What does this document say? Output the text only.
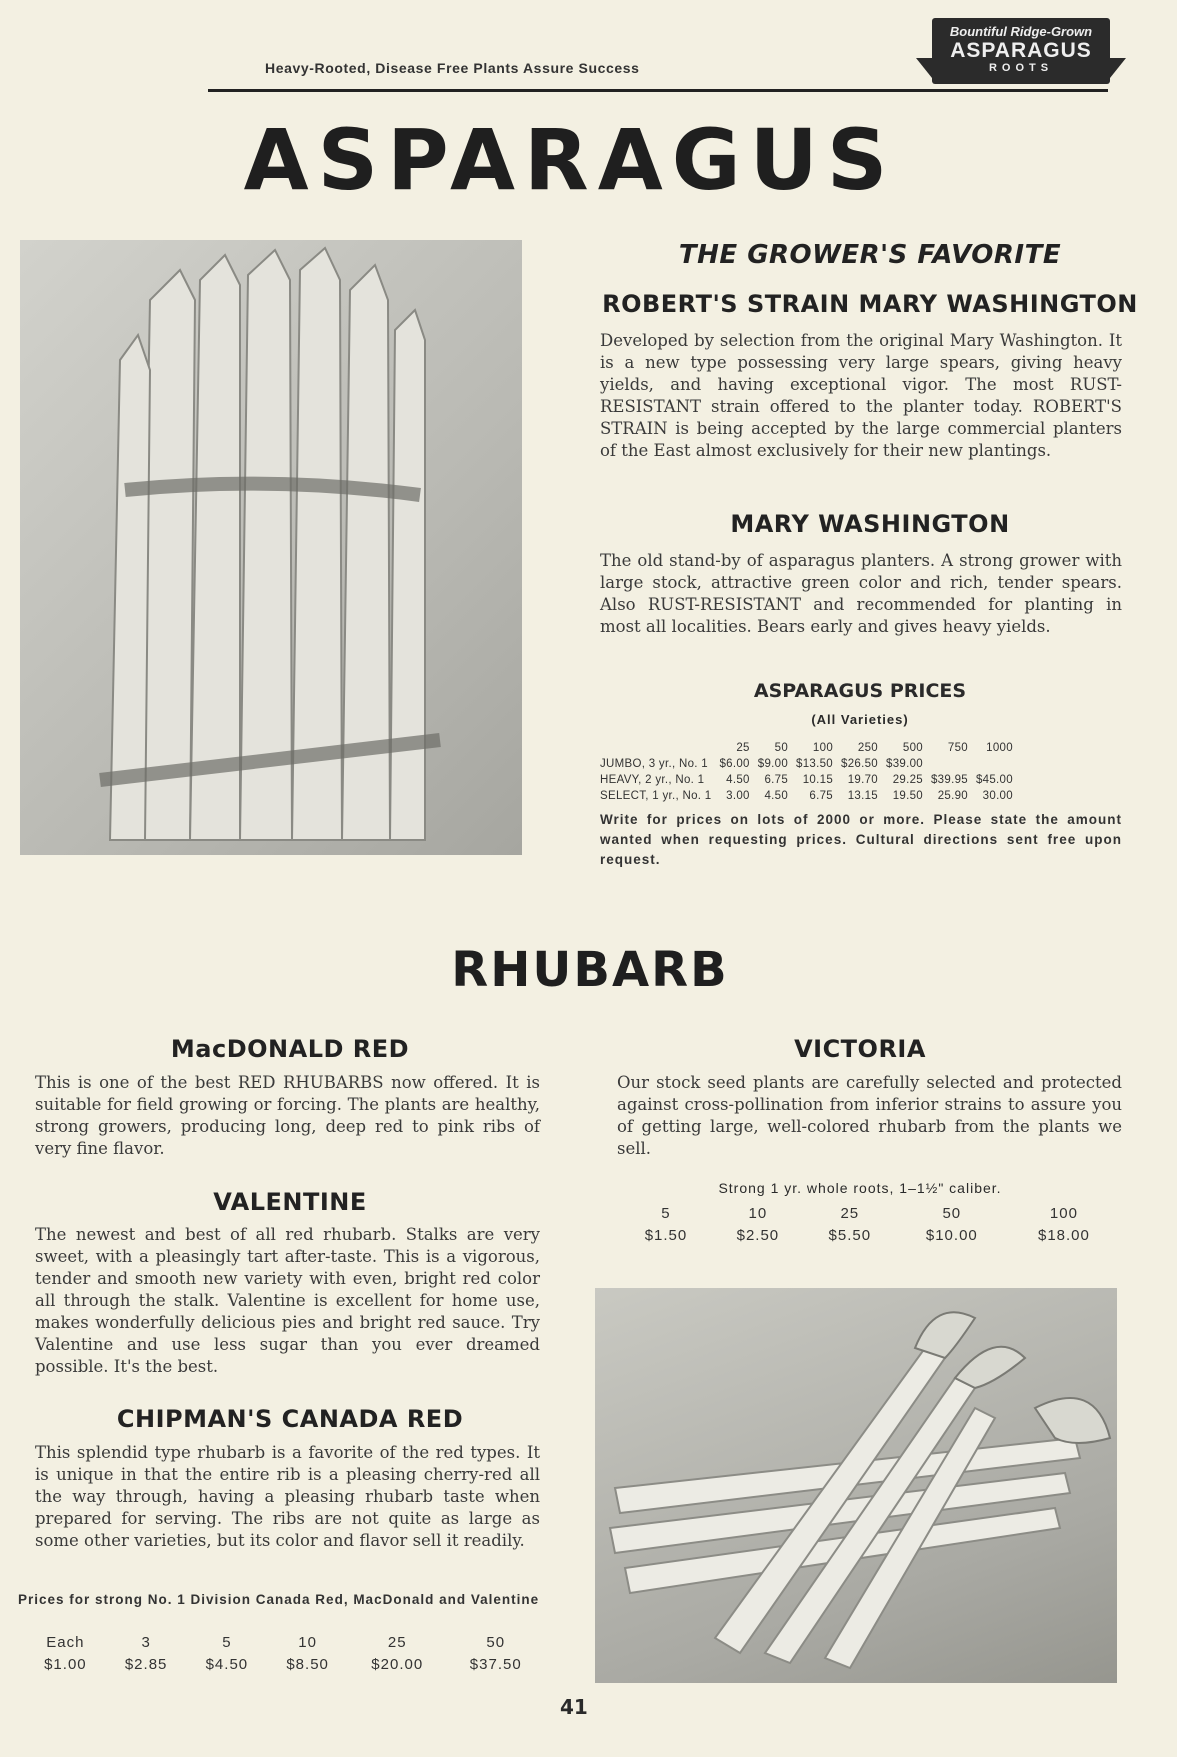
Heavy-Rooted, Disease Free Plants Assure Success
Bountiful Ridge-Grown
ASPARAGUS
ROOTS
ASPARAGUS
THE GROWER'S FAVORITE
ROBERT'S STRAIN MARY WASHINGTON
Developed by selection from the original Mary Washington. It is a new type possessing very large spears, giving heavy yields, and having exceptional vigor. The most RUST-RESISTANT strain offered to the planter today. ROBERT'S STRAIN is being accepted by the large commercial planters of the East almost exclusively for their new plantings.
MARY WASHINGTON
The old stand-by of asparagus planters. A strong grower with large stock, attractive green color and rich, tender spears. Also RUST-RESISTANT and recommended for planting in most all localities. Bears early and gives heavy yields.
ASPARAGUS PRICES
(All Varieties)
	25	50	100	250	500	750	1000
JUMBO, 3 yr., No. 1	$6.00	$9.00	$13.50	$26.50	$39.00		
HEAVY, 2 yr., No. 1	4.50	6.75	10.15	19.70	29.25	$39.95	$45.00
SELECT, 1 yr., No. 1	3.00	4.50	6.75	13.15	19.50	25.90	30.00
Write for prices on lots of 2000 or more. Please state the amount wanted when requesting prices. Cultural directions sent free upon request.
RHUBARB
MacDONALD RED
This is one of the best RED RHUBARBS now offered. It is suitable for field growing or forcing. The plants are healthy, strong growers, producing long, deep red to pink ribs of very fine flavor.
VALENTINE
The newest and best of all red rhubarb. Stalks are very sweet, with a pleasingly tart after-taste. This is a vigorous, tender and smooth new variety with even, bright red color all through the stalk. Valentine is excellent for home use, makes wonderfully delicious pies and bright red sauce. Try Valentine and use less sugar than you ever dreamed possible. It's the best.
CHIPMAN'S CANADA RED
This splendid type rhubarb is a favorite of the red types. It is unique in that the entire rib is a pleasing cherry-red all the way through, having a pleasing rhubarb taste when prepared for serving. The ribs are not quite as large as some other varieties, but its color and flavor sell it readily.
Prices for strong No. 1 Division Canada Red, MacDonald and Valentine
Each	3	5	10	25	50
$1.00	$2.85	$4.50	$8.50	$20.00	$37.50
VICTORIA
Our stock seed plants are carefully selected and protected against cross-pollination from inferior strains to assure you of getting large, well-colored rhubarb from the plants we sell.
Strong 1 yr. whole roots, 1–1½" caliber.
5	10	25	50	100
$1.50	$2.50	$5.50	$10.00	$18.00
41
